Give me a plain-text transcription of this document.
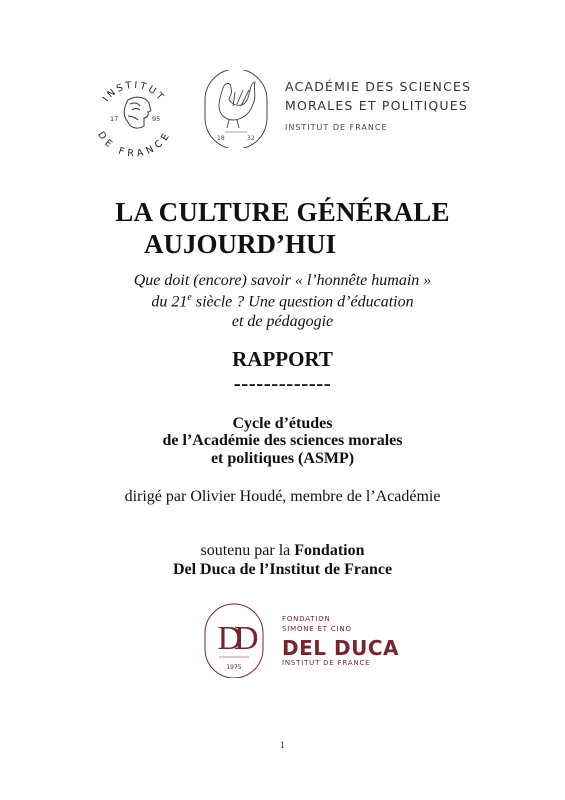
INSTITUT
DE FRANCE
17	95
18	32
ACADÉMIE DES SCIENCES
MORALES ET POLITIQUES
INSTITUT DE FRANCE
LA CULTURE GÉNÉRALE
AUJOURD’HUI
Que doit (encore) savoir « l’honnête humain »
du 21e siècle ? Une question d’éducation
et de pédagogie
RAPPORT
-------------
Cycle d’études
de l’Académie des sciences morales
et politiques (ASMP)
dirigé par Olivier Houdé, membre de l’Académie
soutenu par la Fondation
Del Duca de l’Institut de France
DD
1975
FONDATION
SIMONE ET CINO
DEL DUCA
INSTITUT DE FRANCE
1
